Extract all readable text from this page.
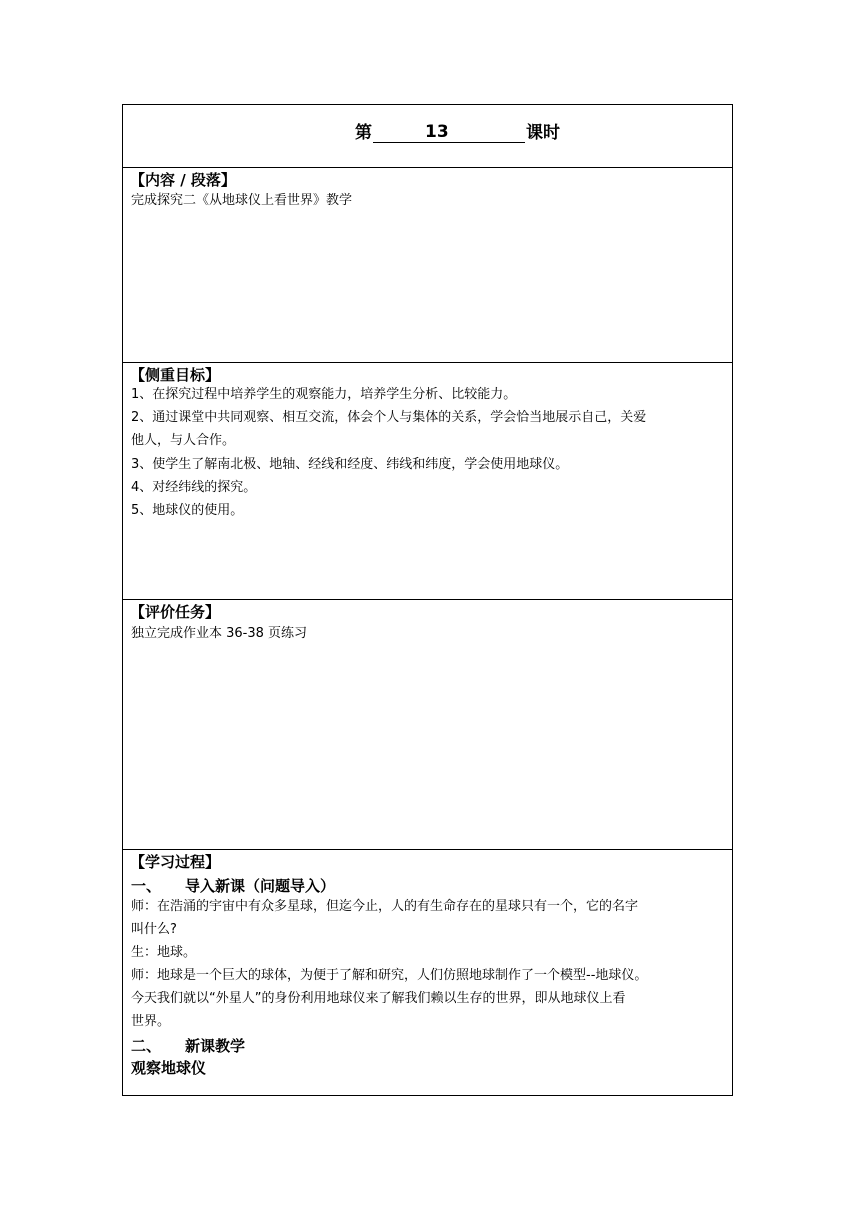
第	13	课时
【内容 / 段落】
完成探究二《从地球仪上看世界》教学
【侧重目标】
1、在探究过程中培养学生的观察能力，培养学生分析、比较能力。
2、通过课堂中共同观察、相互交流，体会个人与集体的关系，学会恰当地展示自己，关爱
他人，与人合作。
3、使学生了解南北极、地轴、经线和经度、纬线和纬度，学会使用地球仪。
4、对经纬线的探究。
5、地球仪的使用。
【评价任务】
独立完成作业本 36-38 页练习
【学习过程】
一、 导入新课（问题导入）
师：在浩涌的宇宙中有众多星球，但迄今止，人的有生命存在的星球只有一个，它的名字
叫什么?
生：地球。
师：地球是一个巨大的球体，为便于了解和研究，人们仿照地球制作了一个模型--地球仪。
今天我们就以“外星人”的身份利用地球仪来了解我们赖以生存的世界，即从地球仪上看
世界。
二、 新课教学
观察地球仪
